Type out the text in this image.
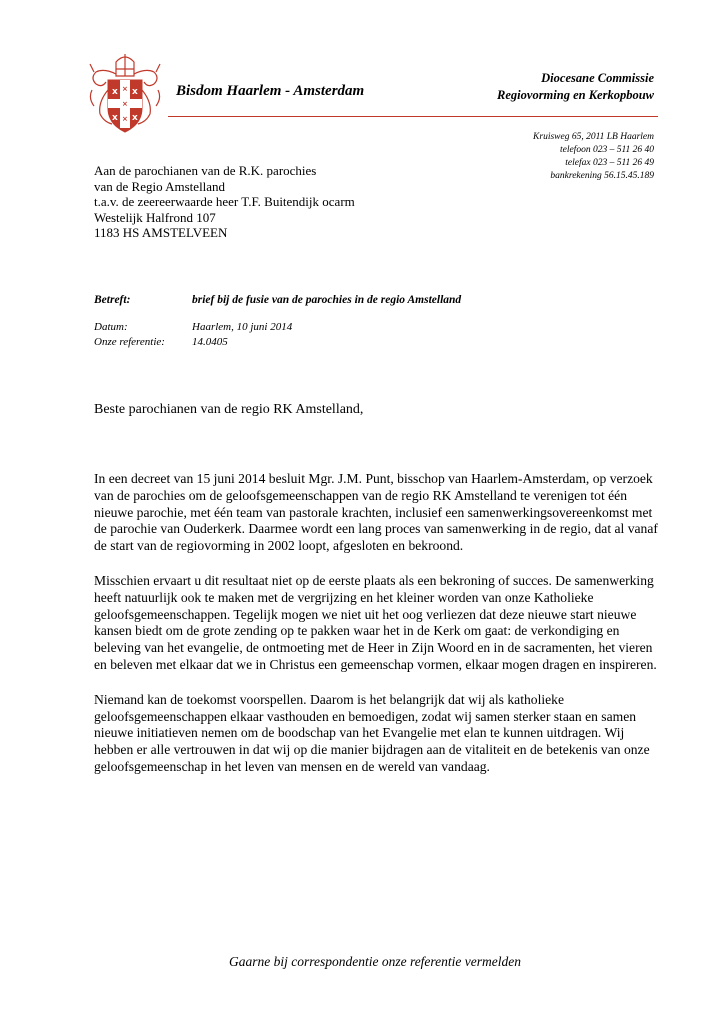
x x
x x
×
×
×
Bisdom Haarlem - Amsterdam
Diocesane Commissie
Regiovorming en Kerkopbouw
Kruisweg 65, 2011 LB Haarlem
telefoon 023 – 511 26 40
telefax 023 – 511 26 49
bankrekening 56.15.45.189
Aan de parochianen van de R.K. parochies
van de Regio Amstelland
t.a.v. de zeereerwaarde heer T.F. Buitendijk ocarm
Westelijk Halfrond 107
1183 HS AMSTELVEEN
Betreft:	brief bij de fusie van de parochies in de regio Amstelland
Datum:	Haarlem, 10 juni 2014
Onze referentie: 14.0405
Beste parochianen van de regio RK Amstelland,

In een decreet van 15 juni 2014 besluit Mgr. J.M. Punt, bisschop van Haarlem-Amsterdam, op verzoek van de parochies om de geloofsgemeenschappen van de regio RK Amstelland te verenigen tot één nieuwe parochie, met één team van pastorale krachten, inclusief een samenwerkingsovereenkomst met de parochie van Ouderkerk. Daarmee wordt een lang proces van samenwerking in de regio, dat al vanaf de start van de regiovorming in 2002 loopt, afgesloten en bekroond.

Misschien ervaart u dit resultaat niet op de eerste plaats als een bekroning of succes. De samenwerking heeft natuurlijk ook te maken met de vergrijzing en het kleiner worden van onze Katholieke geloofsgemeenschappen. Tegelijk mogen we niet uit het oog verliezen dat deze nieuwe start nieuwe kansen biedt om de grote zending op te pakken waar het in de Kerk om gaat: de verkondiging en beleving van het evangelie, de ontmoeting met de Heer in Zijn Woord en in de sacramenten, het vieren en beleven met elkaar dat we in Christus een gemeenschap vormen, elkaar mogen dragen en inspireren.

Niemand kan de toekomst voorspellen. Daarom is het belangrijk dat wij als katholieke geloofsgemeenschappen elkaar vasthouden en bemoedigen, zodat wij samen sterker staan en samen nieuwe initiatieven nemen om de boodschap van het Evangelie met elan te kunnen uitdragen. Wij hebben er alle vertrouwen in dat wij op die manier bijdragen aan de vitaliteit en de betekenis van onze geloofsgemeenschap in het leven van mensen en de wereld van vandaag.

Gaarne bij correspondentie onze referentie vermelden
